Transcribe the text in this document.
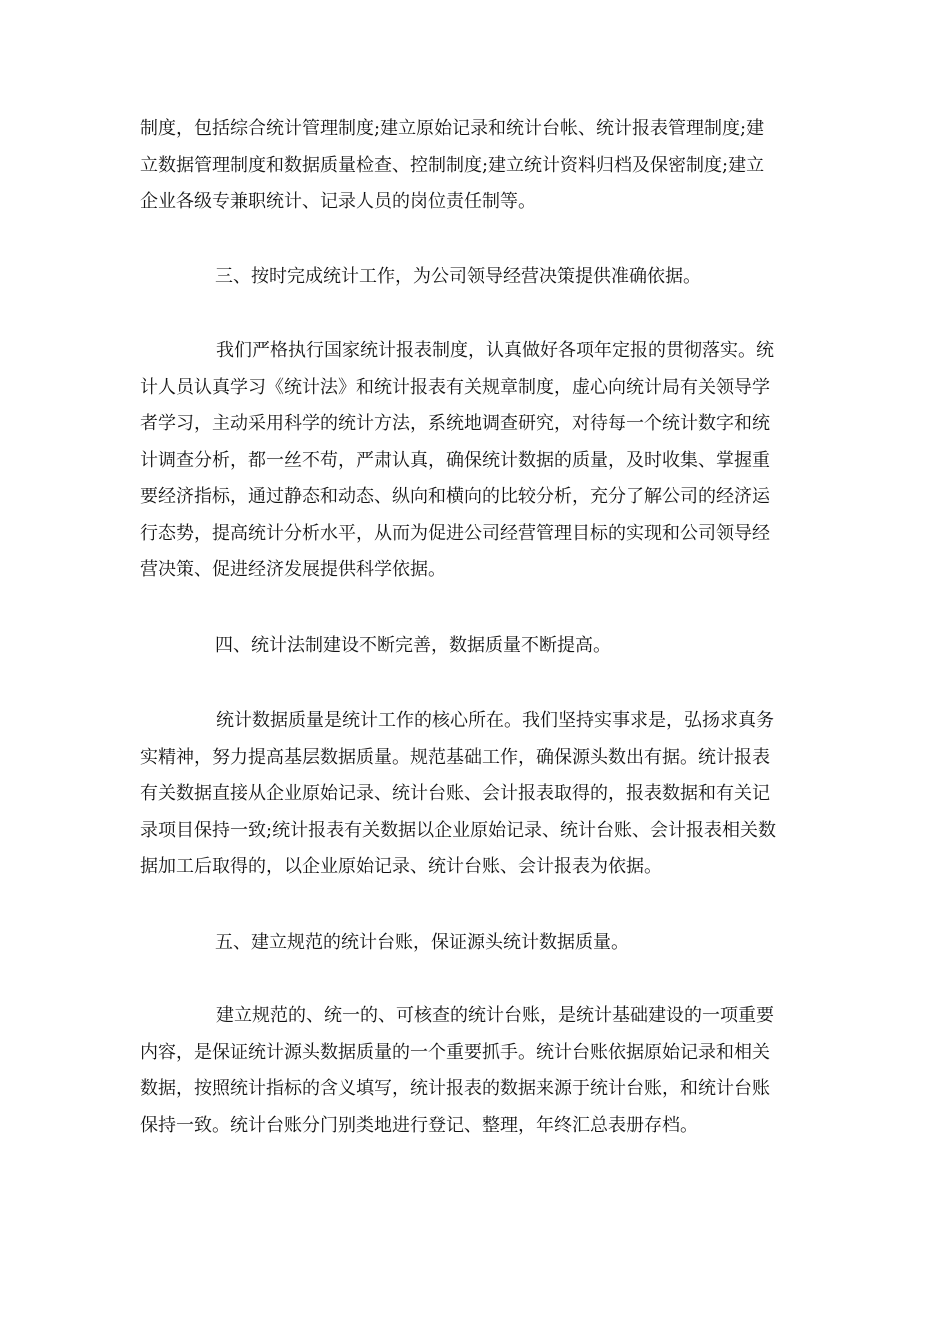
制度，包括综合统计管理制度;建立原始记录和统计台帐、统计报表管理制度;建
立数据管理制度和数据质量检查、控制制度;建立统计资料归档及保密制度;建立
企业各级专兼职统计、记录人员的岗位责任制等。

三、按时完成统计工作，为公司领导经营决策提供准确依据。

我们严格执行国家统计报表制度，认真做好各项年定报的贯彻落实。统
计人员认真学习《统计法》和统计报表有关规章制度，虚心向统计局有关领导学
者学习，主动采用科学的统计方法，系统地调查研究，对待每一个统计数字和统
计调查分析，都一丝不苟，严肃认真，确保统计数据的质量，及时收集、掌握重
要经济指标，通过静态和动态、纵向和横向的比较分析，充分了解公司的经济运
行态势，提高统计分析水平，从而为促进公司经营管理目标的实现和公司领导经
营决策、促进经济发展提供科学依据。

四、统计法制建设不断完善，数据质量不断提高。

统计数据质量是统计工作的核心所在。我们坚持实事求是，弘扬求真务
实精神，努力提高基层数据质量。规范基础工作，确保源头数出有据。统计报表
有关数据直接从企业原始记录、统计台账、会计报表取得的，报表数据和有关记
录项目保持一致;统计报表有关数据以企业原始记录、统计台账、会计报表相关数
据加工后取得的，以企业原始记录、统计台账、会计报表为依据。

五、建立规范的统计台账，保证源头统计数据质量。

建立规范的、统一的、可核查的统计台账，是统计基础建设的一项重要
内容，是保证统计源头数据质量的一个重要抓手。统计台账依据原始记录和相关
数据，按照统计指标的含义填写，统计报表的数据来源于统计台账，和统计台账
保持一致。统计台账分门别类地进行登记、整理，年终汇总表册存档。
